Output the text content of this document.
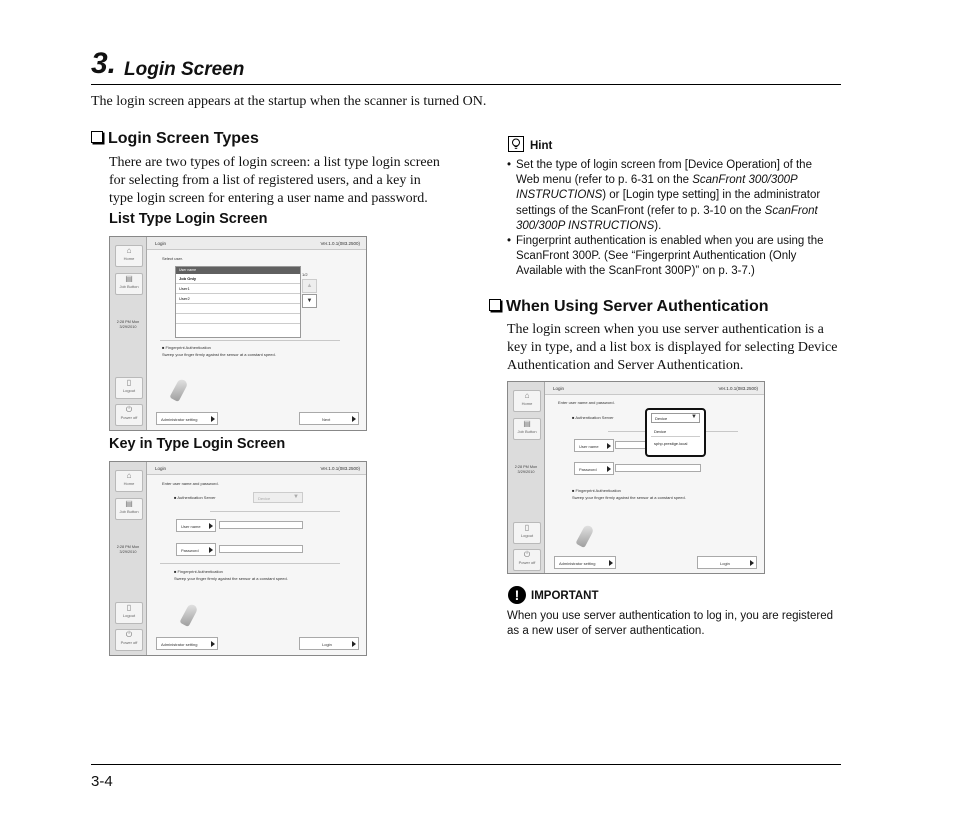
3. Login Screen
The login screen appears at the startup when the scanner is turned ON.
Login Screen Types
There are two types of login screen: a list type login screen
for selecting from a list of registered users, and a key in
type login screen for entering a user name and password.
List Type Login Screen
⌂
Home
▤
Job Button
2:28 PM Mon
3/29/2010
▯
Logout
⏻
Power off
Login	Ver.1.0.1(083.2500)
Select user.
User name
Job Only
User1
User2
1/2
▲
▼
■ Fingerprint Authentication
Sweep your finger firmly against the sensor at a constant speed.
Administrator setting	Next
Key in Type Login Screen
⌂
Home
▤
Job Button
2:28 PM Mon
3/29/2010
▯
Logout
⏻
Power off
Login	Ver.1.0.1(083.2500)
Enter user name and password.
■ Authentication Server	Device	▼
User name
Password
■ Fingerprint Authentication
Sweep your finger firmly against the sensor at a constant speed.
Administrator setting	Login
Hint
• Set the type of login screen from [Device Operation] of the
Web menu (refer to p. 6-31 on the ScanFront 300/300P
INSTRUCTIONS) or [Login type setting] in the administrator
settings of the ScanFront (refer to p. 3-10 on the ScanFront
300/300P INSTRUCTIONS).
• Fingerprint authentication is enabled when you are using the
ScanFront 300P. (See “Fingerprint Authentication (Only
Available with the ScanFront 300P)” on p. 3-7.)
When Using Server Authentication
The login screen when you use server authentication is a
key in type, and a list box is displayed for selecting Device
Authentication and Server Authentication.
⌂
Home
▤
Job Button
2:28 PM Mon
3/29/2010
▯
Logout
⏻
Power off
Login	Ver.1.0.1(083.2500)
Enter user name and password.
■ Authentication Server
User name
Password
Device	▼
Device
sphp.prestige.local
■ Fingerprint Authentication
Sweep your finger firmly against the sensor at a constant speed.
Administrator setting	Login
!	IMPORTANT
When you use server authentication to log in, you are registered
as a new user of server authentication.
3-4
